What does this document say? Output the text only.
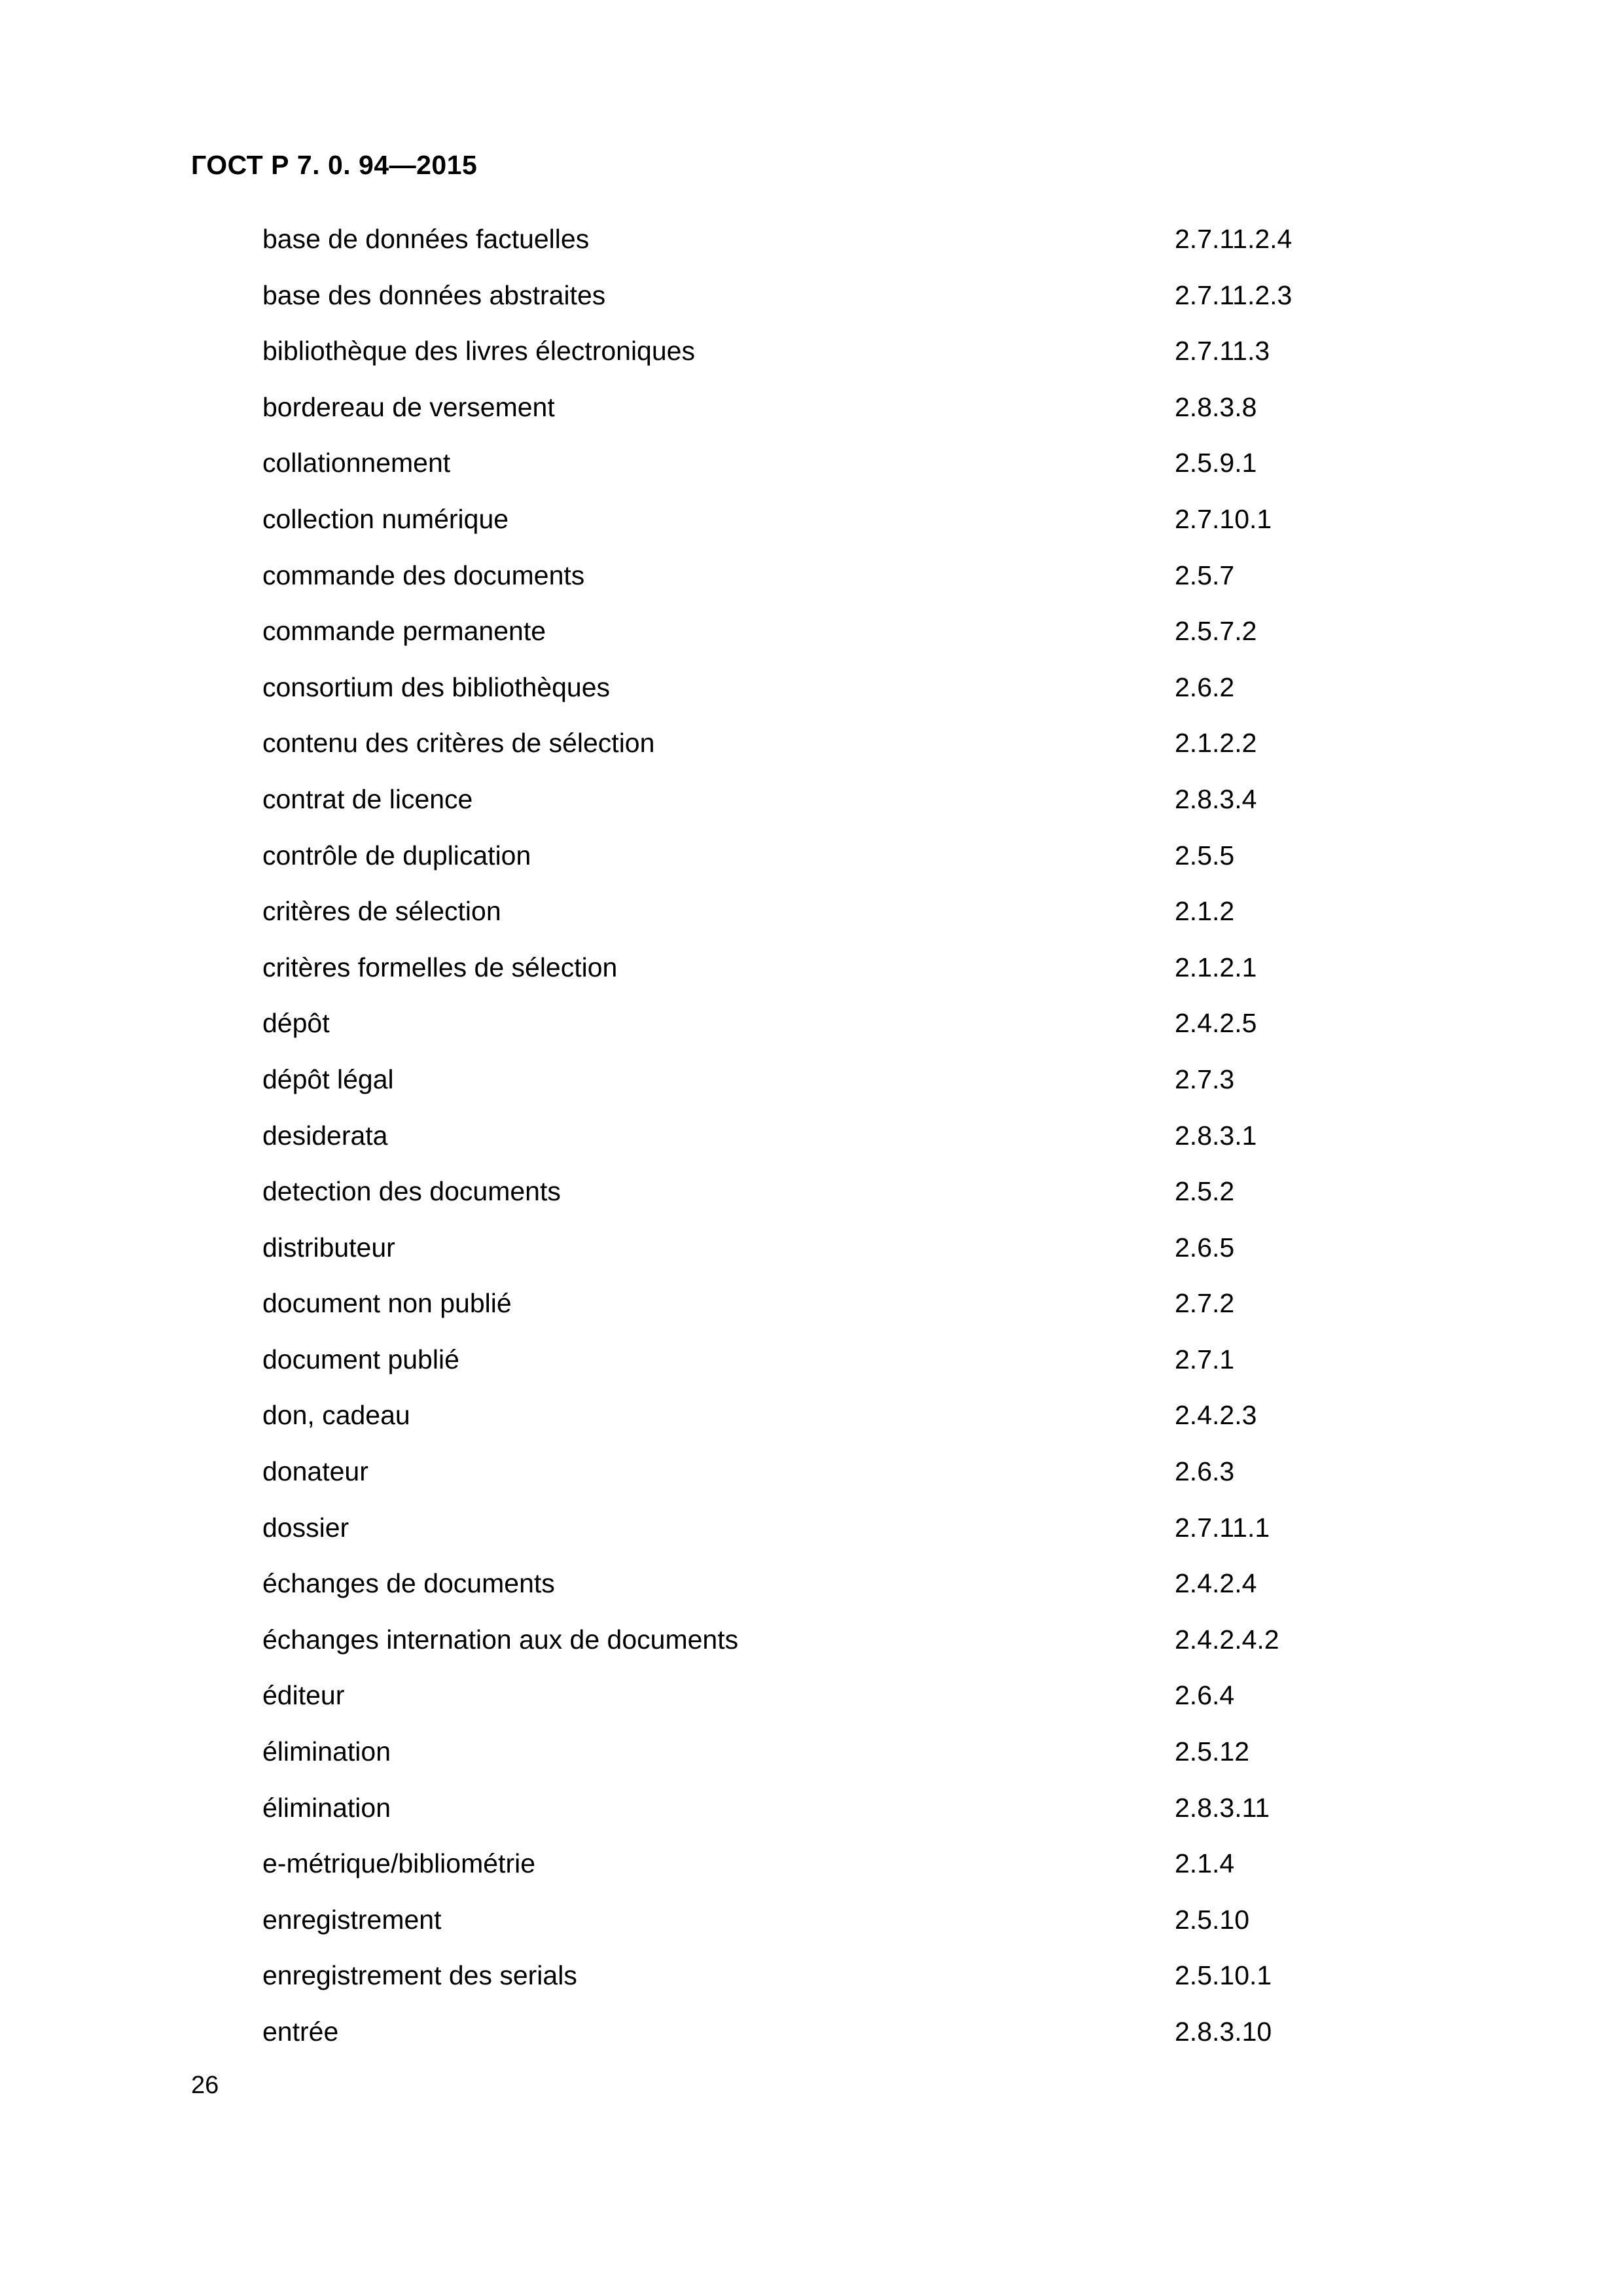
ГОСТ Р 7. 0. 94—2015
base de données factuelles	2.7.11.2.4
base des données abstraites	2.7.11.2.3
bibliothèque des livres électroniques	2.7.11.3
bordereau de versement	2.8.3.8
collationnement	2.5.9.1
collection numérique	2.7.10.1
commande des documents	2.5.7
commande permanente	2.5.7.2
consortium des bibliothèques	2.6.2
contenu des critères de sélection	2.1.2.2
contrat de licence	2.8.3.4
contrôle de duplication	2.5.5
critères de sélection	2.1.2
critères formelles de sélection	2.1.2.1
dépôt	2.4.2.5
dépôt légal	2.7.3
desiderata	2.8.3.1
detection des documents	2.5.2
distributeur	2.6.5
document non publié	2.7.2
document publié	2.7.1
don, cadeau	2.4.2.3
donateur	2.6.3
dossier	2.7.11.1
échanges de documents	2.4.2.4
échanges internation aux de documents	2.4.2.4.2
éditeur	2.6.4
élimination	2.5.12
élimination	2.8.3.11
e-métrique/bibliométrie	2.1.4
enregistrement	2.5.10
enregistrement des serials	2.5.10.1
entrée	2.8.3.10
26
